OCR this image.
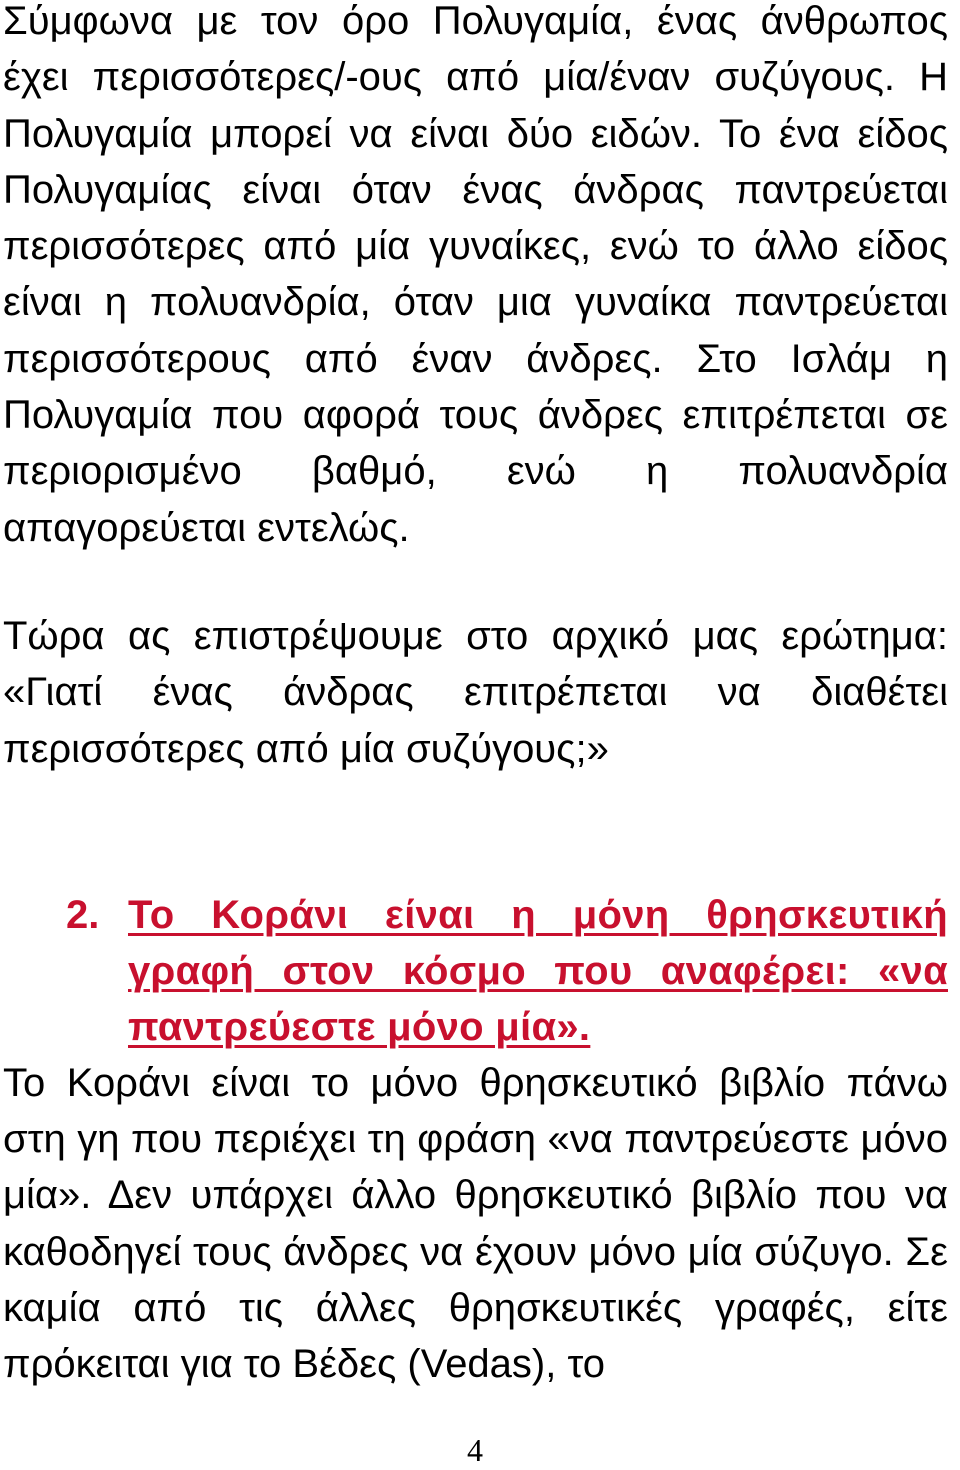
Σύμφωνα με τον όρο Πολυγαμία, ένας άνθρωπος έχει περισσότερες/-ους από μία/έναν συζύγους. Η Πολυγαμία μπορεί να είναι δύο ειδών. Το ένα είδος Πολυγαμίας είναι όταν ένας άνδρας παντρεύεται περισσότερες από μία γυναίκες, ενώ το άλλο είδος είναι η πολυανδρία, όταν μια γυναίκα παντρεύεται περισσότερους από έναν άνδρες. Στο Ισλάμ η Πολυγαμία που αφορά τους άνδρες επιτρέπεται σε περιορισμένο βαθμό, ενώ η πολυανδρία απαγορεύεται εντελώς.

Τώρα ας επιστρέψουμε στο αρχικό μας ερώτημα: «Γιατί ένας άνδρας επιτρέπεται να διαθέτει περισσότερες από μία συζύγους;»

2. Το Κοράνι είναι η μόνη θρησκευτική γραφή στον κόσμο που αναφέρει: «να παντρεύεστε μόνο μία».

Το Κοράνι είναι το μόνο θρησκευτικό βιβλίο πάνω στη γη που περιέχει τη φράση «να παντρεύεστε μόνο μία». Δεν υπάρχει άλλο θρησκευτικό βιβλίο που να καθοδηγεί τους άνδρες να έχουν μόνο μία σύζυγο. Σε καμία από τις άλλες θρησκευτικές γραφές, είτε πρόκειται για το Βέδες (Vedas), το

4
